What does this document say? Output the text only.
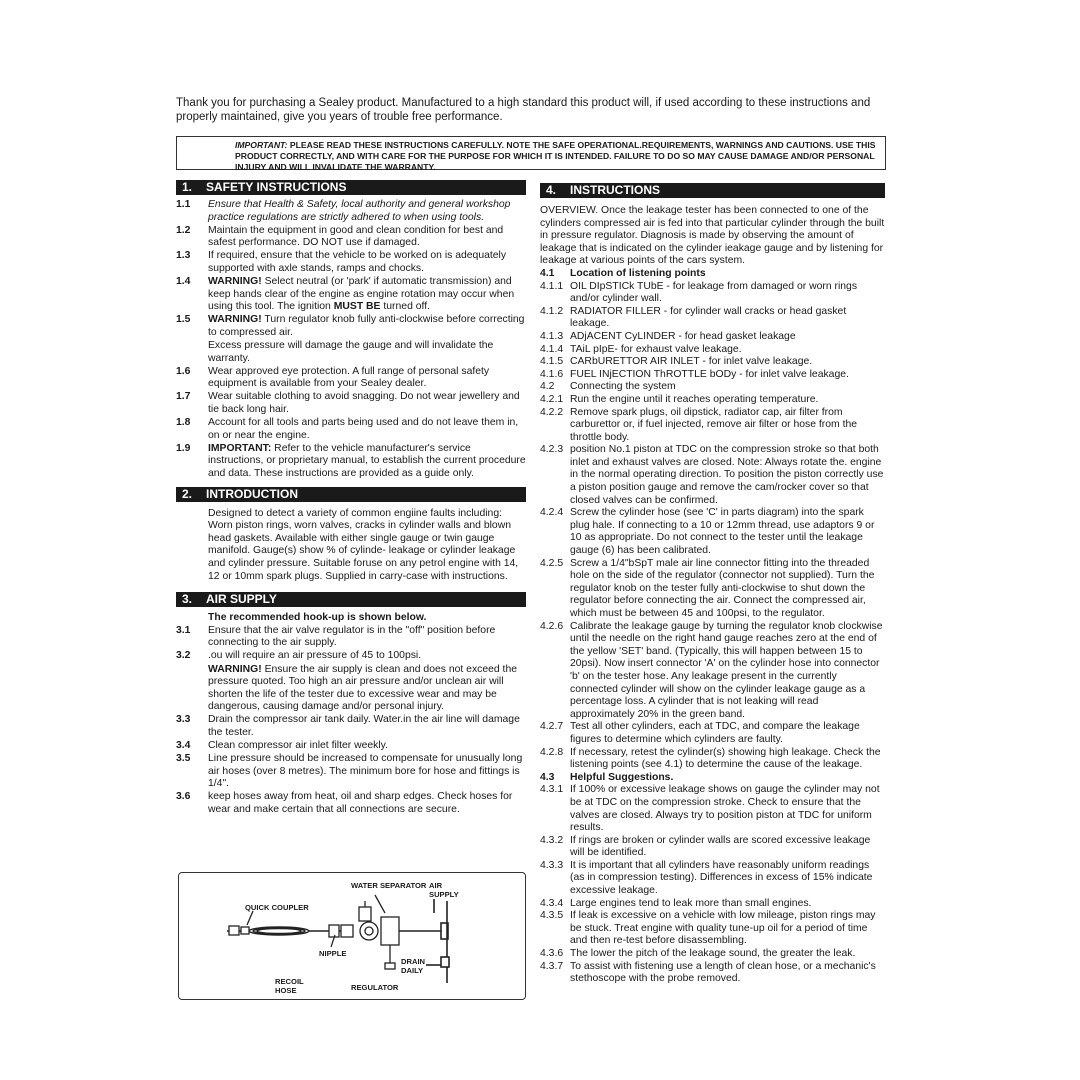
Thank you for purchasing a Sealey product. Manufactured to a high standard this product will, if used according to these instructions and properly maintained, give you years of trouble free performance.
IMPORTANT: PLEASE READ THESE INSTRUCTIONS CAREFULLY. NOTE THE SAFE OPERATIONAL.REQUIREMENTS, WARNINGS AND CAUTIONS. USE THIS PRODUCT CORRECTLY, AND WITH CARE FOR THE PURPOSE FOR WHICH IT IS INTENDED. FAILURE TO DO SO MAY CAUSE DAMAGE AND/OR PERSONAL INJURY AND WILL INVALIDATE THE WARRANTY.
1. SAFETY INSTRUCTIONS
1.1	Ensure that Health & Safety, local authority and general workshop practice regulations are strictly adhered to when using tools.
1.2	Maintain the equipment in good and clean condition for best and safest performance. DO NOT use if damaged.
1.3	If required, ensure that the vehicle to be worked on is adequately supported with axle stands, ramps and chocks.
1.4	WARNING! Select neutral (or 'park' if automatic transmission) and keep hands clear of the engine as engine rotation may occur when using this tool. The ignition MUST BE turned off.
1.5	WARNING! Turn regulator knob fully anti-clockwise before correcting to compressed air.
Excess pressure will damage the gauge and will invalidate the warranty.
1.6	Wear approved eye protection. A full range of personal safety equipment is available from your Sealey dealer.
1.7	Wear suitable clothing to avoid snagging. Do not wear jewellery and tie back long hair.
1.8	Account for all tools and parts being used and do not leave them in, on or near the engine.
1.9	IMPORTANT: Refer to the vehicle manufacturer's service instructions, or proprietary manual, to establish the current procedure and data. These instructions are provided as a guide only.
2. INTRODUCTION
Designed to detect a variety of common engiine faults including: Worn piston rings, worn valves, cracks in cylinder walls and blown head gaskets. Available with either single gauge or twin gauge manifold. Gauge(s) show % of cylinde- leakage or cylinder leakage and cylinder pressure. Suitable foruse on any petrol engine with 14, 12 or 10mm spark plugs. Supplied in carry-case with instructions.
3. AIR SUPPLY
The recommended hook-up is shown below.
3.1	Ensure that the air valve regulator is in the "off" position before connecting to the air supply.
3.2	.ou will require an air pressure of 45 to 100psi.
WARNING! Ensure the air supply is clean and does not exceed the pressure quoted. Too high an air pressure and/or unclean air will shorten the life of the tester due to excessive wear and may be dangerous, causing damage and/or personal injury.
3.3	Drain the compressor air tank daily. Water.in the air line will damage the tester.
3.4	Clean compressor air inlet filter weekly.
3.5	Line pressure should be increased to compensate for unusually long air hoses (over 8 metres). The minimum bore for hose and fittings is 1/4".
3.6	keep hoses away from heat, oil and sharp edges. Check hoses for wear and make certain that all connections are secure.
WATER SEPARATOR AIR SUPPLY
QUICK COUPLER
NIPPLE
DRAIN DAILY
RECOIL HOSE	REGULATOR
4. INSTRUCTIONS
OVERVIEW. Once the leakage tester has been connected to one of the cylinders compressed air is fed into that particular cylinder through the built in pressure regulator. Diagnosis is made by observing the amount of leakage that is indicated on the cylinder ieakage gauge and by listening for leakage at various points of the cars system.
4.1	Location of listening points
4.1.1 OIL DIpSTICk TUbE - for leakage from damaged or worn rings and/or cylinder wall.
4.1.2 RADIATOR FILLER - for cylinder wall cracks or head gasket leakage.
4.1.3 ADjACENT CyLINDER - for head gasket leakage
4.1.4 TAiL pIpE- for exhaust valve leakage.
4.1.5 CARbURETTOR AIR INLET - for inlet valve leakage.
4.1.6 FUEL INjECTION ThROTTLE bODy - for inlet valve leakage.
4.2	Connecting the system
4.2.1 Run the engine until it reaches operating temperature.
4.2.2 Remove spark plugs, oil dipstick, radiator cap, air filter from carburettor or, if fuel injected, remove air filter or hose from the throttle body.
4.2.3 position No.1 piston at TDC on the compression stroke so that both inlet and exhaust valves are closed. Note: Always rotate the. engine in the normal operating direction. To position the piston correctly use a piston position gauge and remove the cam/rocker cover so that closed valves can be confirmed.
4.2.4 Screw the cylinder hose (see 'C' in parts diagram) into the spark plug hale. If connecting to a 10 or 12mm thread, use adaptors 9 or 10 as appropriate. Do not connect to the tester until the leakage gauge (6) has been calibrated.
4.2.5 Screw a 1/4"bSpT male air line connector fitting into the threaded hole on the side of the regulator (connector not supplied). Turn the regulator knob on the tester fully anti-clockwise to shut down the regulator before connecting the air. Connect the compressed air, which must be between 45 and 100psi, to the regulator.
4.2.6 Calibrate the leakage gauge by turning the regulator knob clockwise until the needle on the right hand gauge reaches zero at the end of the yellow 'SET' band. (Typically, this will happen between 15 to 20psi). Now insert connector 'A' on the cylinder hose into connector 'b' on the tester hose. Any leakage present in the currently connected cylinder will show on the cylinder leakage gauge as a percentage loss. A cylinder that is not leaking will read approximately 20% in the green band.
4.2.7 Test all other cylinders, each at TDC, and compare the leakage figures to determine which cylinders are faulty.
4.2.8 If necessary, retest the cylinder(s) showing high leakage. Check the listening points (see 4.1) to determine the cause of the leakage.
4.3	Helpful Suggestions.
4.3.1 If 100% or excessive leakage shows on gauge the cylinder may not be at TDC on the compression stroke. Check to ensure that the valves are closed. Always try to position piston at TDC for uniform results.
4.3.2 If rings are broken or cylinder walls are scored excessive leakage will be identified.
4.3.3 It is important that all cylinders have reasonably uniform readings (as in compression testing). Differences in excess of 15% indicate excessive leakage.
4.3.4 Large engines tend to leak more than small engines.
4.3.5 If leak is excessive on a vehicle with low mileage, piston rings may be stuck. Treat engine with quality tune-up oil for a period of time and then re-test before disassembling.
4.3.6 The lower the pitch of the leakage sound, the greater the leak.
4.3.7 To assist with fistening use a length of clean hose, or a mechanic's stethoscope with the probe removed.
